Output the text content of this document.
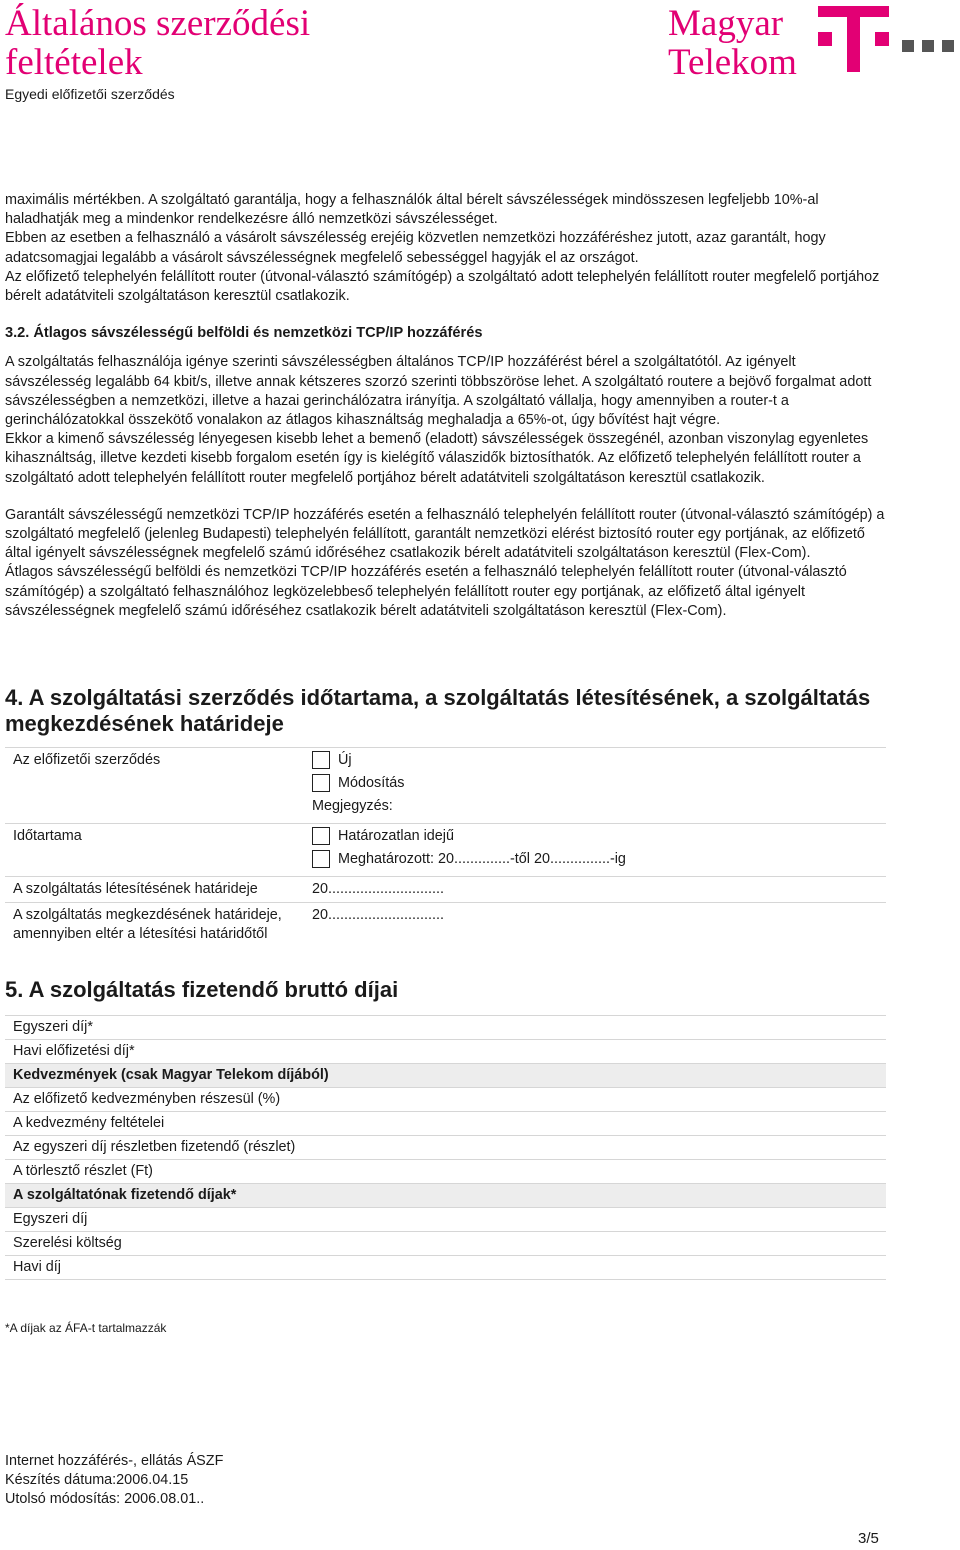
Általános szerződési
feltételek
Egyedi előfizetői szerződés
Magyar
Telekom

maximális mértékben. A szolgáltató garantálja, hogy a felhasználók által bérelt sávszélességek mindösszesen legfeljebb 10%-al haladhatják meg a mindenkor rendelkezésre álló nemzetközi sávszélességet.

Ebben az esetben a felhasználó a vásárolt sávszélesség erejéig közvetlen nemzetközi hozzáféréshez jutott, azaz garantált, hogy adatcsomagjai legalább a vásárolt sávszélességnek megfelelő sebességgel hagyják el az országot.

Az előfizető telephelyén felállított router (útvonal-választó számítógép) a szolgáltató adott telephelyén felállított router megfelelő portjához bérelt adatátviteli szolgáltatáson keresztül csatlakozik.

3.2. Átlagos sávszélességű belföldi és nemzetközi TCP/IP hozzáférés

A szolgáltatás felhasználója igénye szerinti sávszélességben általános TCP/IP hozzáférést bérel a szolgáltatótól. Az igényelt sávszélesség legalább 64 kbit/s, illetve annak kétszeres szorzó szerinti többszöröse lehet. A szolgáltató routere a bejövő forgalmat adott sávszélességben a nemzetközi, illetve a hazai gerinchálózatra irányítja. A szolgáltató vállalja, hogy amennyiben a router-t a gerinchálózatokkal összekötő vonalakon az átlagos kihasználtság meghaladja a 65%-ot, úgy bővítést hajt végre.

Ekkor a kimenő sávszélesség lényegesen kisebb lehet a bemenő (eladott) sávszélességek összegénél, azonban viszonylag egyenletes kihasználtság, illetve kezdeti kisebb forgalom esetén így is kielégítő válaszidők biztosíthatók. Az előfizető telephelyén felállított router a szolgáltató adott telephelyén felállított router megfelelő portjához bérelt adatátviteli szolgáltatáson keresztül csatlakozik.

Garantált sávszélességű nemzetközi TCP/IP hozzáférés esetén a felhasználó telephelyén felállított router (útvonal-választó számítógép) a szolgáltató megfelelő (jelenleg Budapesti) telephelyén felállított, garantált nemzetközi elérést biztosító router egy portjának, az előfizető által igényelt sávszélességnek megfelelő számú időréséhez csatlakozik bérelt adatátviteli szolgáltatáson keresztül (Flex-Com).

Átlagos sávszélességű belföldi és nemzetközi TCP/IP hozzáférés esetén a felhasználó telephelyén felállított router (útvonal-választó számítógép) a szolgáltató felhasználóhoz legközelebbeső telephelyén felállított router egy portjának, az előfizető által igényelt sávszélességnek megfelelő számú időréséhez csatlakozik bérelt adatátviteli szolgáltatáson keresztül (Flex-Com).

4. A szolgáltatási szerződés időtartama, a szolgáltatás létesítésének, a szolgáltatás megkezdésének határideje
Az előfizetői szerződés	Új
Módosítás
Megjegyzés:

Időtartama	Határozatlan idejű
Meghatározott: 20..............-től 20...............-ig

A szolgáltatás létesítésének határideje	20.............................
A szolgáltatás megkezdésének határideje, amennyiben eltér a létesítési határidőtől	20.............................
5. A szolgáltatás fizetendő bruttó díjai
Egyszeri díj*	
Havi előfizetési díj*	
Kedvezmények (csak Magyar Telekom díjából)	
Az előfizető kedvezményben részesül (%)	
A kedvezmény feltételei	
Az egyszeri díj részletben fizetendő (részlet)	
A törlesztő részlet (Ft)	
A szolgáltatónak fizetendő díjak*	
Egyszeri díj	
Szerelési költség	
Havi díj	
*A díjak az ÁFA-t tartalmazzák
Internet hozzáférés-, ellátás ÁSZF
Készítés dátuma:2006.04.15
Utolsó módosítás: 2006.08.01..
3/5
